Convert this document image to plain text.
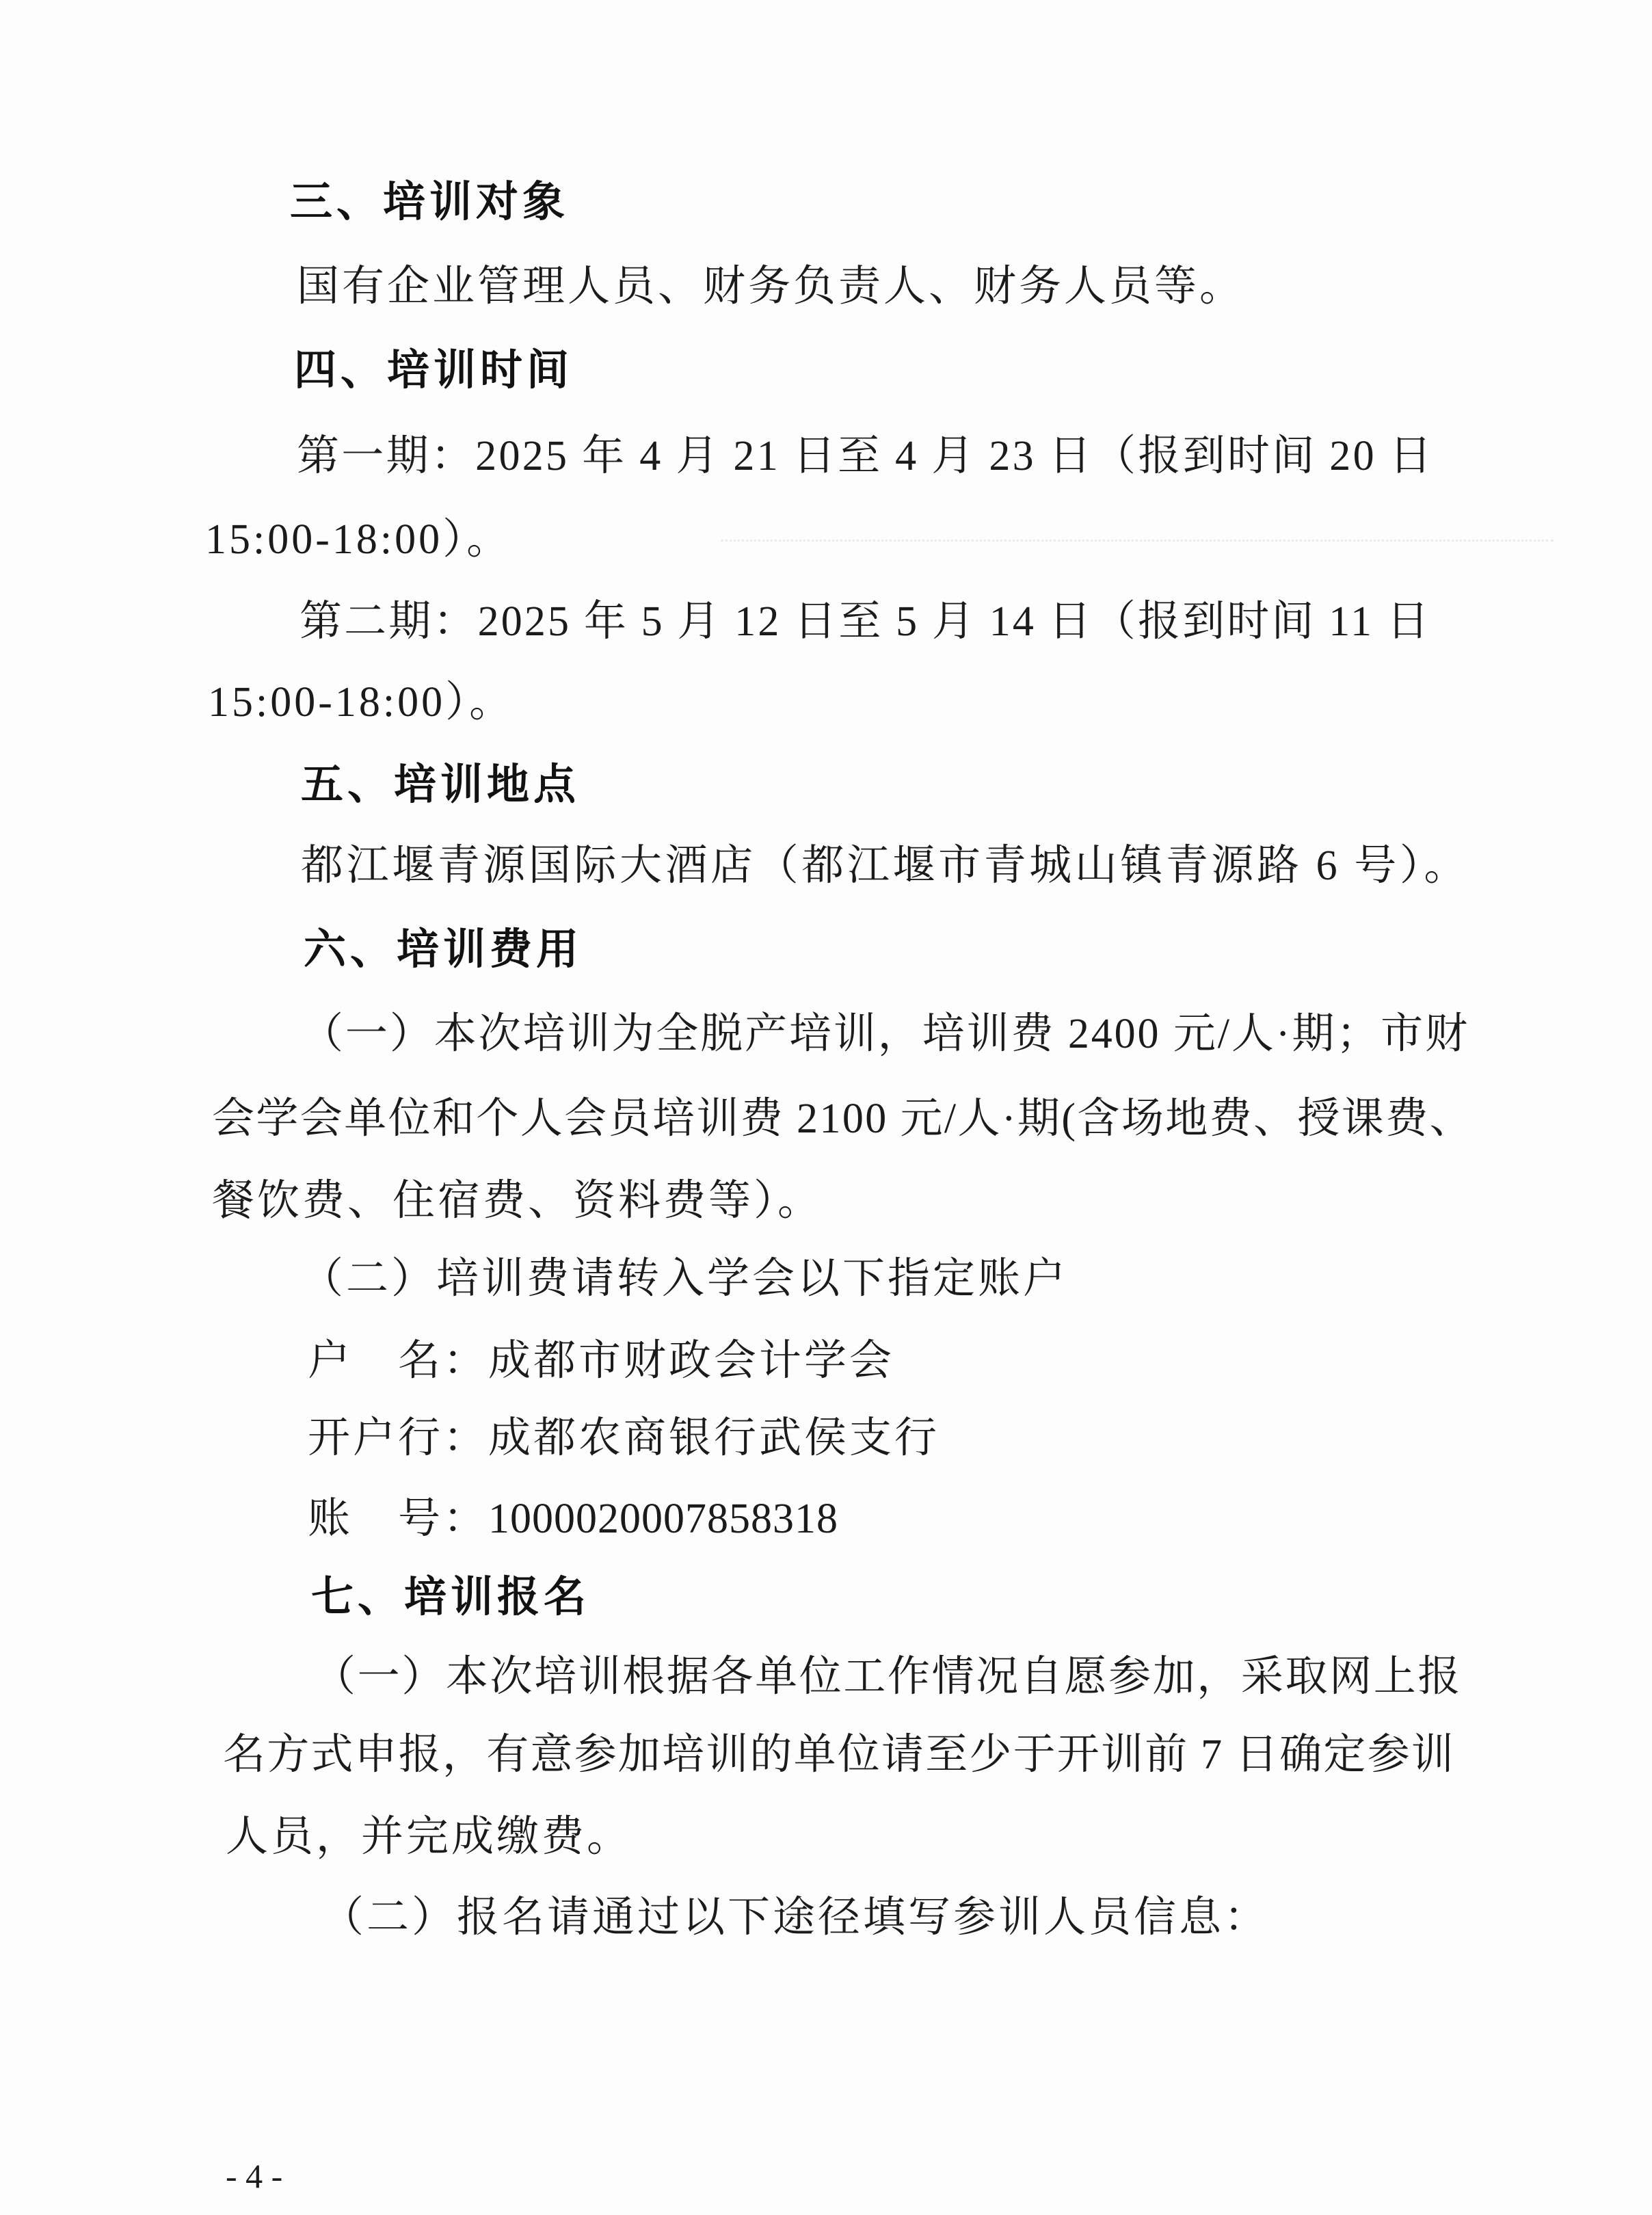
三、培训对象
国有企业管理人员、财务负责人、财务人员等。
四、培训时间
第一期：2025 年 4 月 21 日至 4 月 23 日（报到时间 20 日
15:00-18:00）。
第二期：2025 年 5 月 12 日至 5 月 14 日（报到时间 11 日
15:00-18:00）。
五、培训地点
都江堰青源国际大酒店（都江堰市青城山镇青源路 6 号）。
六、培训费用
（一）本次培训为全脱产培训，培训费 2400 元/人·期；市财
会学会单位和个人会员培训费 2100 元/人·期(含场地费、授课费、
餐饮费、住宿费、资料费等）。
（二）培训费请转入学会以下指定账户
户　名：成都市财政会计学会
开户行：成都农商银行武侯支行
账　号：1000020007858318
七、培训报名
（一）本次培训根据各单位工作情况自愿参加，采取网上报
名方式申报，有意参加培训的单位请至少于开训前 7 日确定参训
人员，并完成缴费。
（二）报名请通过以下途径填写参训人员信息：
- 4 -
